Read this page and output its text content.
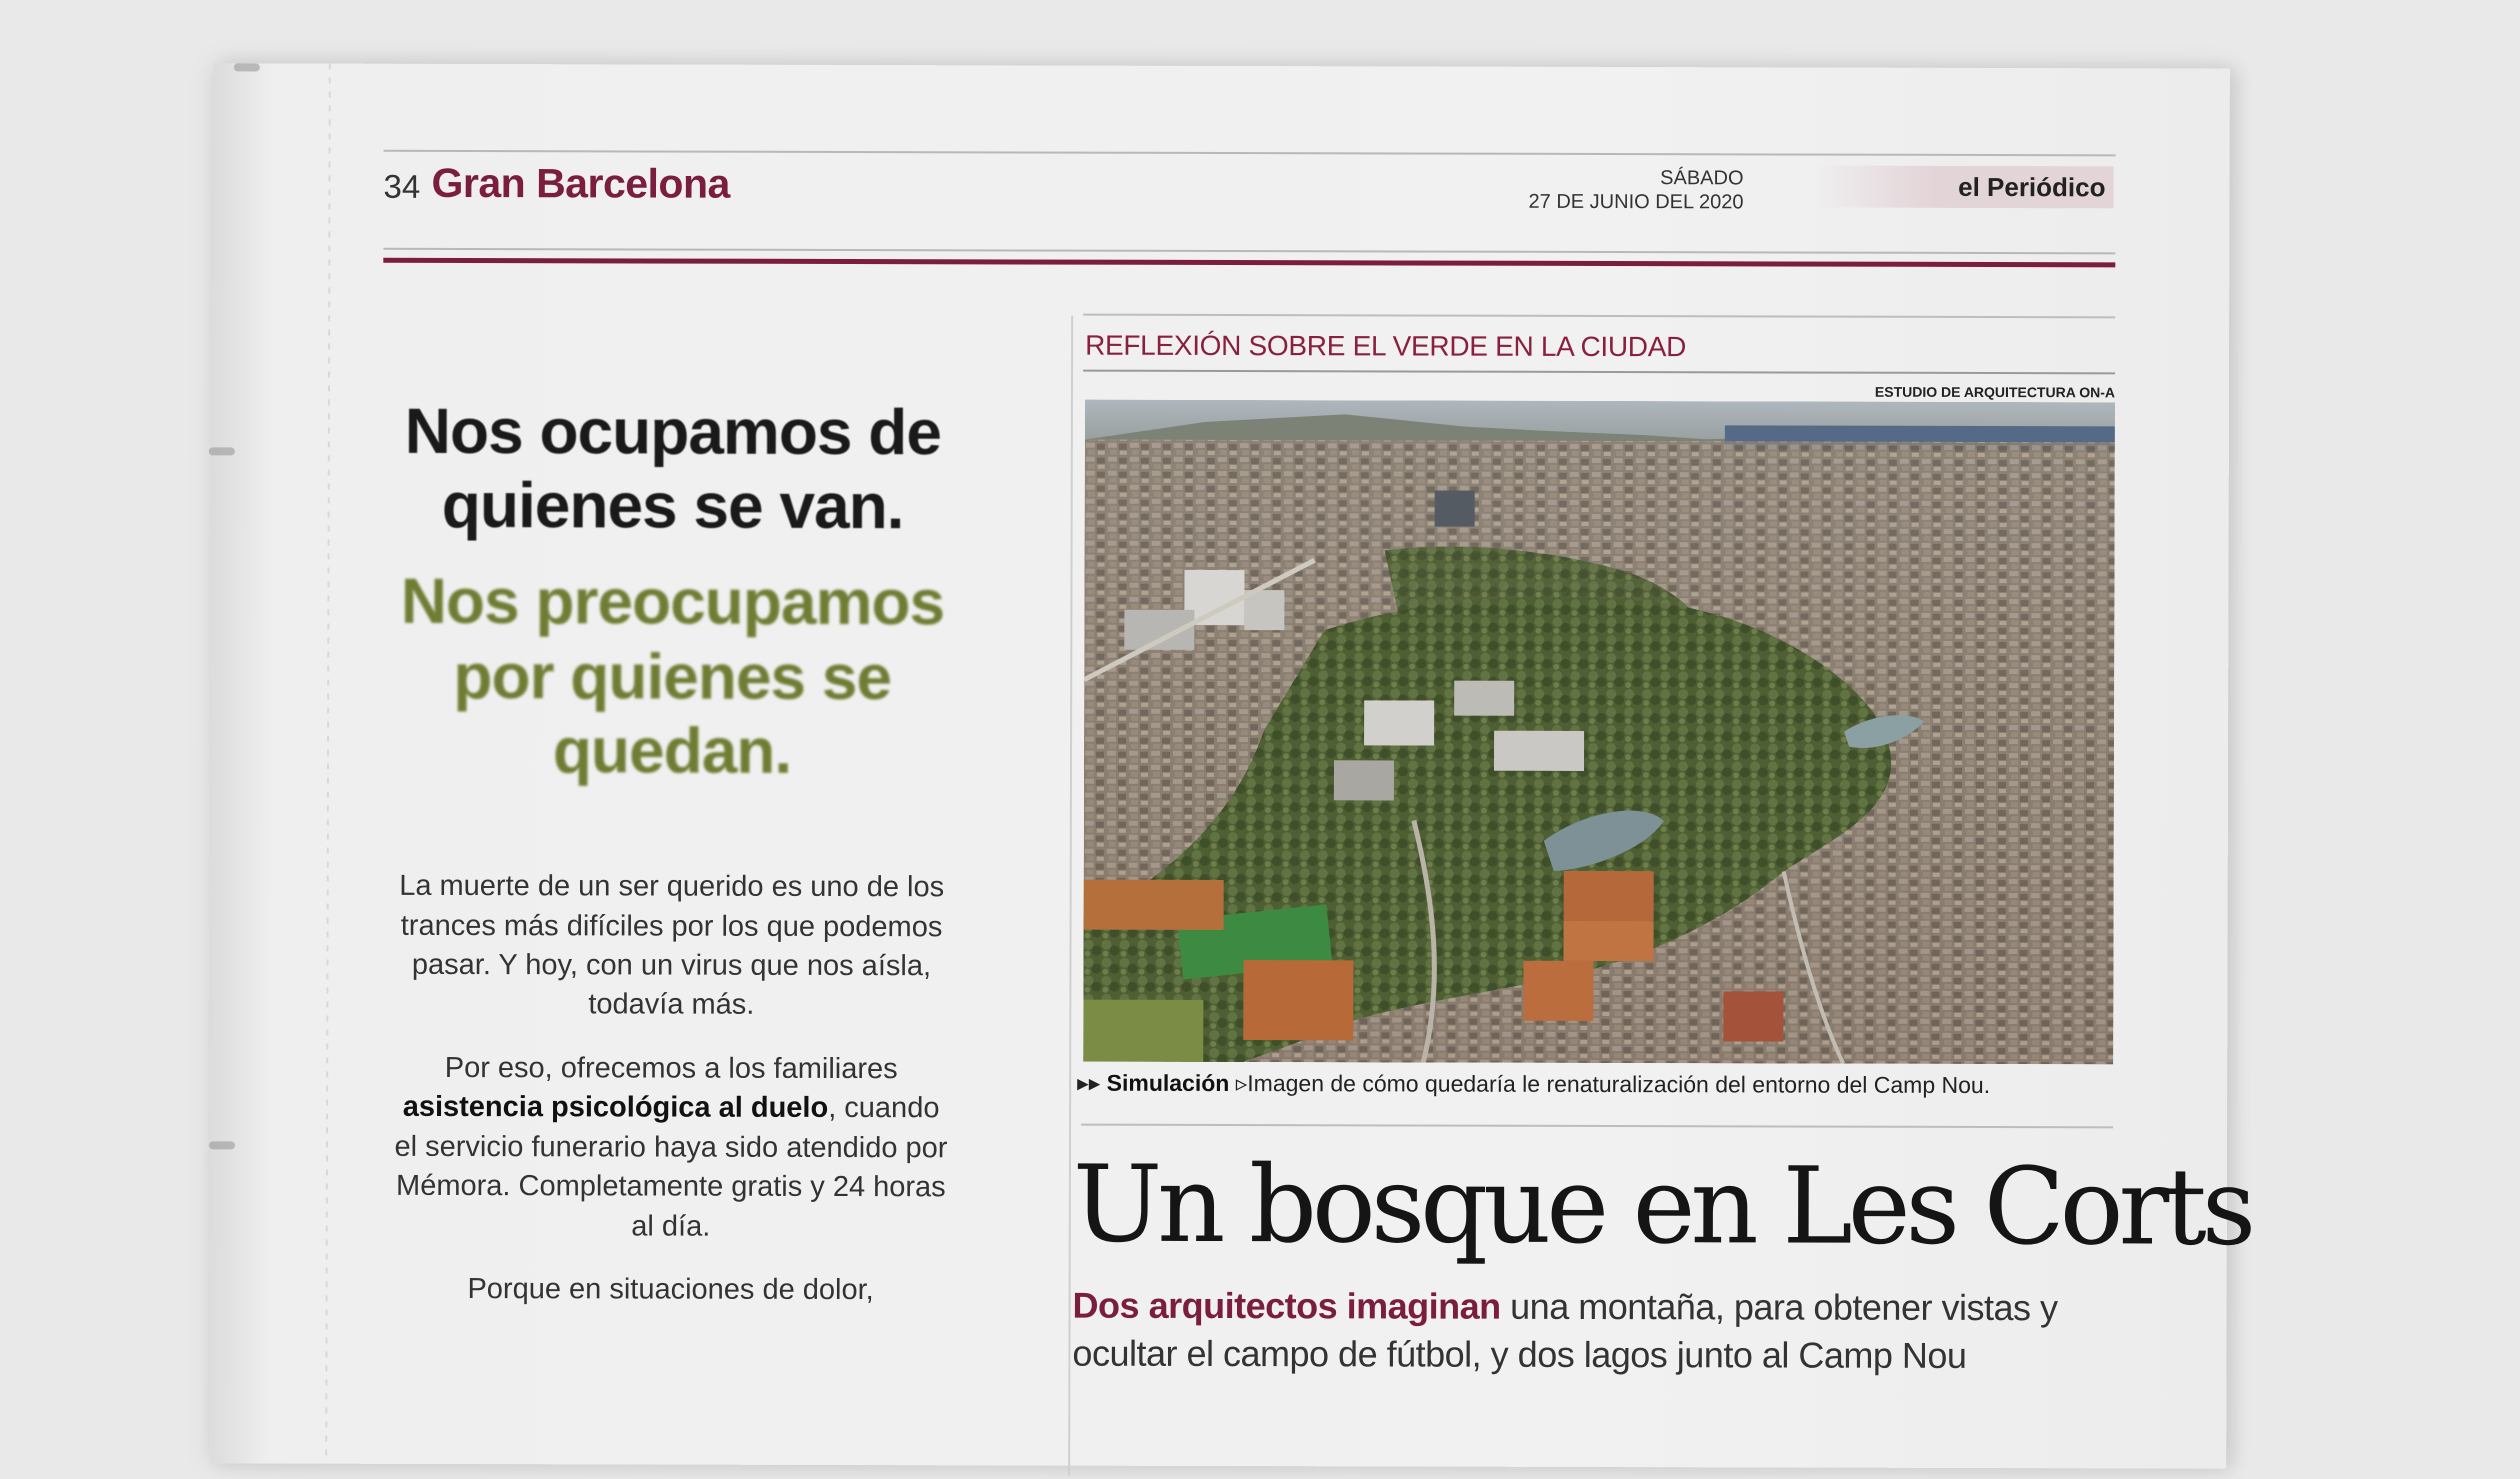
34 Gran Barcelona	SÁBADO
27 DE JUNIO DEL 2020	el Periódico

Nos ocupamos de quienes se van.
Nos preocupamos por quienes se quedan.

La muerte de un ser querido es uno de los trances más difíciles por los que podemos pasar. Y hoy, con un virus que nos aísla, todavía más.

Por eso, ofrecemos a los familiares asistencia psicológica al duelo, cuando el servicio funerario haya sido atendido por Mémora. Completamente gratis y 24 horas al día.

Porque en situaciones de dolor,

REFLEXIÓN SOBRE EL VERDE EN LA CIUDAD
ESTUDIO DE ARQUITECTURA ON-A
▸▸ Simulación ▹Imagen de cómo quedaría le renaturalización del entorno del Camp Nou.
Un bosque en Les Corts
Dos arquitectos imaginan una montaña, para obtener vistas y ocultar el campo de fútbol, y dos lagos junto al Camp Nou
